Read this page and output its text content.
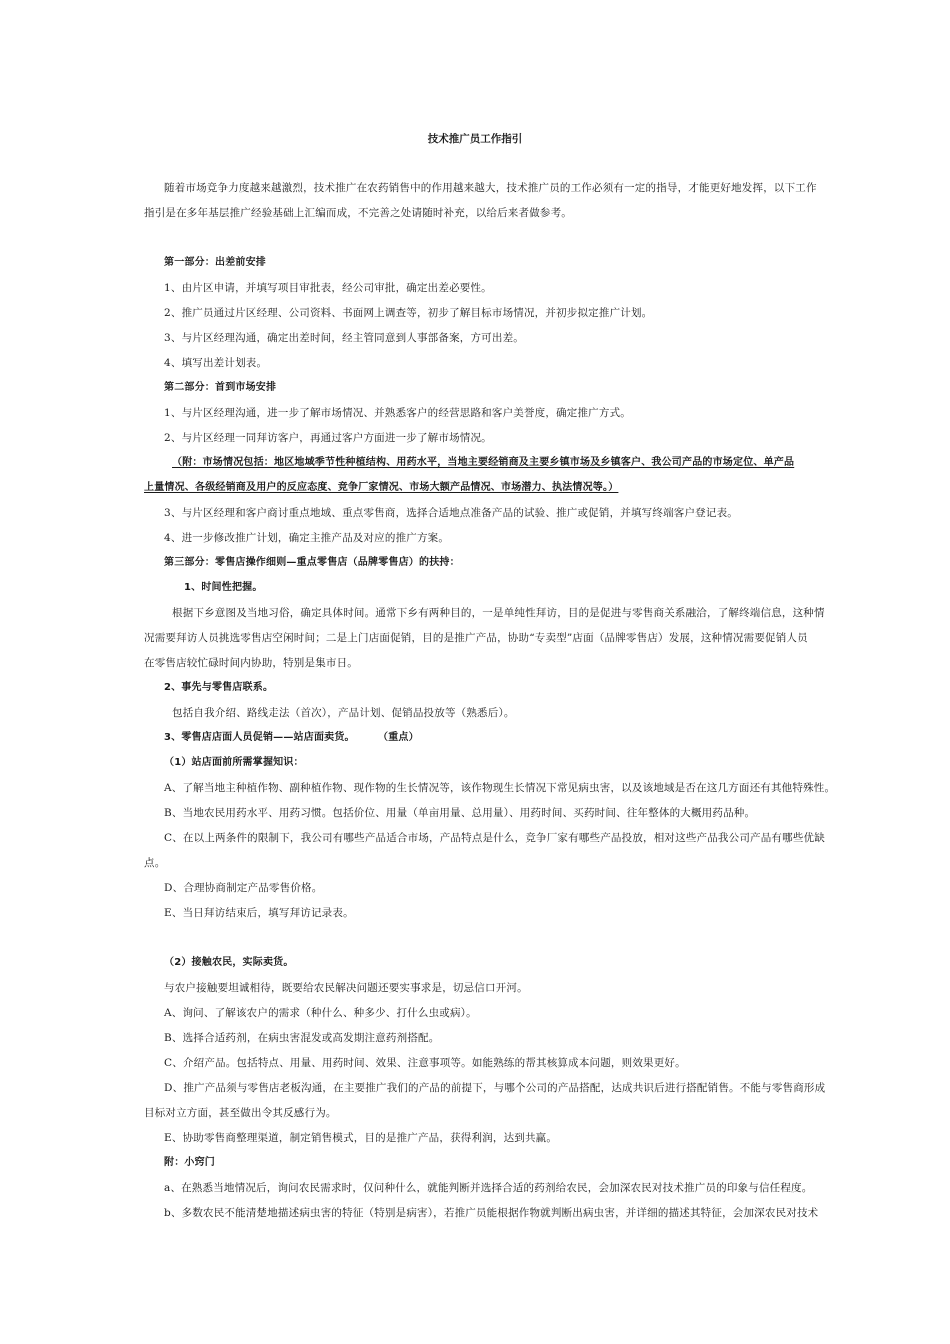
技术推广员工作指引
随着市场竞争力度越来越激烈，技术推广在农药销售中的作用越来越大，技术推广员的工作必须有一定的指导，才能更好地发挥，以下工作
指引是在多年基层推广经验基础上汇编而成，不完善之处请随时补充，以给后来者做参考。
第一部分：出差前安排
1、由片区申请，并填写项目审批表，经公司审批，确定出差必要性。
2、推广员通过片区经理、公司资料、书面网上调查等，初步了解目标市场情况，并初步拟定推广计划。
3、与片区经理沟通，确定出差时间，经主管同意到人事部备案，方可出差。
4、填写出差计划表。
第二部分：首到市场安排
1、与片区经理沟通，进一步了解市场情况、并熟悉客户的经营思路和客户美誉度，确定推广方式。
2、与片区经理一同拜访客户，再通过客户方面进一步了解市场情况。
（附：市场情况包括：地区地域季节性种植结构、用药水平，当地主要经销商及主要乡镇市场及乡镇客户、我公司产品的市场定位、单产品
上量情况、各级经销商及用户的反应态度、竞争厂家情况、市场大额产品情况、市场潜力、执法情况等。）
3、与片区经理和客户商讨重点地域、重点零售商，选择合适地点准备产品的试验、推广或促销，并填写终端客户登记表。
4、进一步修改推广计划，确定主推产品及对应的推广方案。
第三部分：零售店操作细则—重点零售店（品牌零售店）的扶持：
1、时间性把握。
根据下乡意图及当地习俗，确定具体时间。通常下乡有两种目的，一是单纯性拜访，目的是促进与零售商关系融洽，了解终端信息，这种情
况需要拜访人员挑选零售店空闲时间；二是上门店面促销，目的是推广产品，协助“专卖型”店面（品牌零售店）发展，这种情况需要促销人员
在零售店较忙碌时间内协助，特别是集市日。
2、事先与零售店联系。
包括自我介绍、路线走法（首次），产品计划、促销品投放等（熟悉后）。
3、零售店店面人员促销——站店面卖货。 （重点）
（1）站店面前所需掌握知识：
A、了解当地主种植作物、副种植作物、现作物的生长情况等，该作物现生长情况下常见病虫害，以及该地域是否在这几方面还有其他特殊性。
B、当地农民用药水平、用药习惯。包括价位、用量（单亩用量、总用量）、用药时间、买药时间、往年整体的大概用药品种。
C、在以上两条件的限制下，我公司有哪些产品适合市场，产品特点是什么，竞争厂家有哪些产品投放，相对这些产品我公司产品有哪些优缺
点。
D、合理协商制定产品零售价格。
E、当日拜访结束后，填写拜访记录表。
（2）接触农民，实际卖货。
与农户接触要坦诚相待，既要给农民解决问题还要实事求是，切忌信口开河。
A、询问、了解该农户的需求（种什么、种多少、打什么虫或病）。
B、选择合适药剂，在病虫害混发或高发期注意药剂搭配。
C、介绍产品。包括特点、用量、用药时间、效果、注意事项等。如能熟练的帮其核算成本问题，则效果更好。
D、推广产品须与零售店老板沟通，在主要推广我们的产品的前提下，与哪个公司的产品搭配，达成共识后进行搭配销售。不能与零售商形成
目标对立方面，甚至做出令其反感行为。
E、协助零售商整理渠道，制定销售模式，目的是推广产品，获得利润，达到共赢。
附：小窍门
a、在熟悉当地情况后，询问农民需求时，仅问种什么，就能判断并选择合适的药剂给农民，会加深农民对技术推广员的印象与信任程度。
b、多数农民不能清楚地描述病虫害的特征（特别是病害），若推广员能根据作物就判断出病虫害，并详细的描述其特征，会加深农民对技术
